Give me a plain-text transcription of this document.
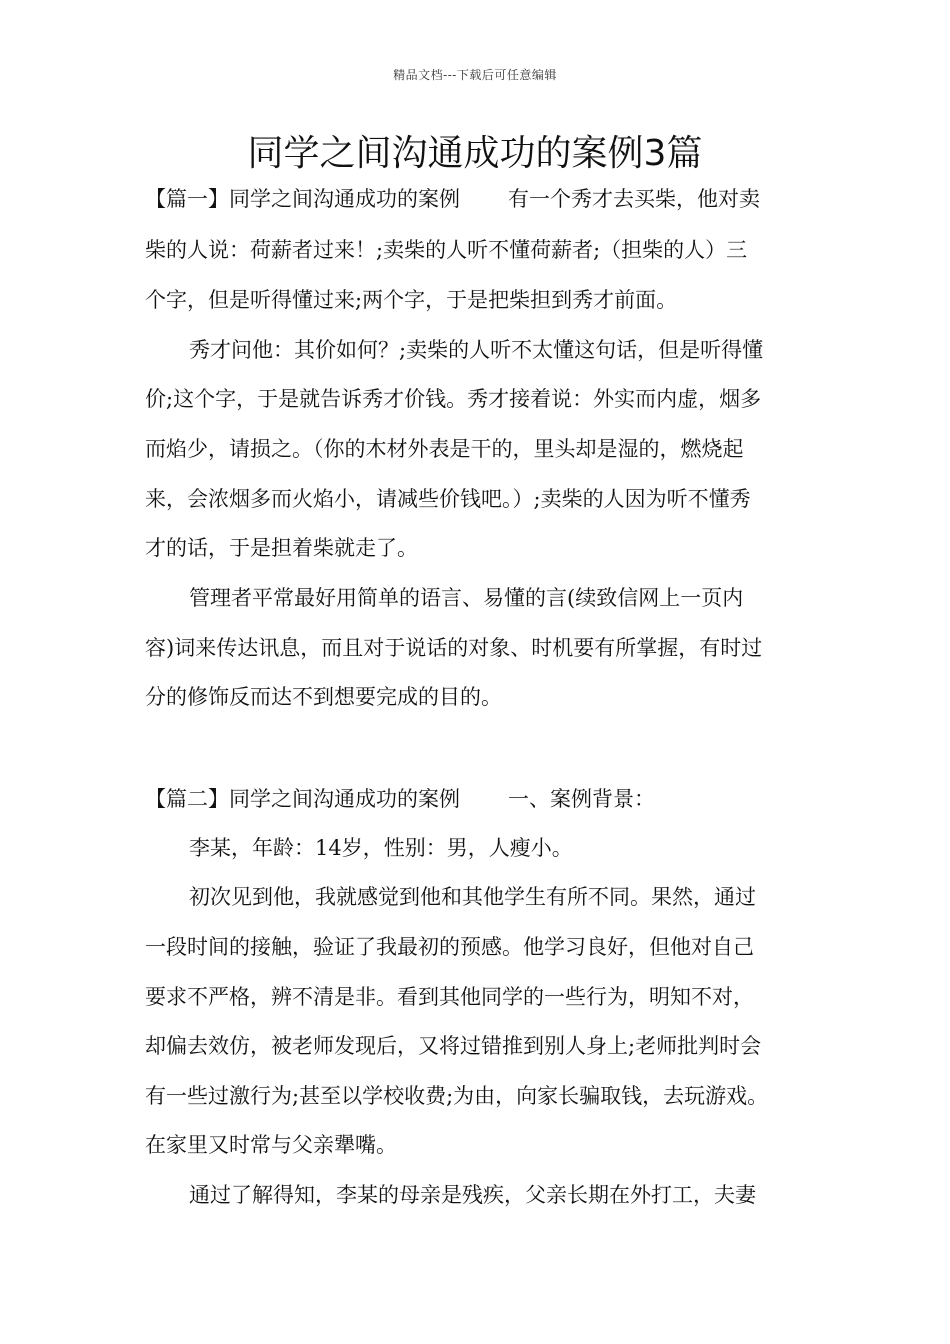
精品文档---下载后可任意编辑
同学之间沟通成功的案例3篇
【篇一】同学之间沟通成功的案例 有一个秀才去买柴，他对卖
柴的人说：荷薪者过来！;卖柴的人听不懂荷薪者;（担柴的人）三
个字，但是听得懂过来;两个字，于是把柴担到秀才前面。
秀才问他：其价如何？;卖柴的人听不太懂这句话，但是听得懂
价;这个字，于是就告诉秀才价钱。秀才接着说：外实而内虚，烟多
而焰少，请损之。（你的木材外表是干的，里头却是湿的，燃烧起
来，会浓烟多而火焰小，请减些价钱吧。）;卖柴的人因为听不懂秀
才的话，于是担着柴就走了。
管理者平常最好用简单的语言、易懂的言(续致信网上一页内
容)词来传达讯息，而且对于说话的对象、时机要有所掌握，有时过
分的修饰反而达不到想要完成的目的。
【篇二】同学之间沟通成功的案例 一、案例背景：
李某，年龄：14岁，性别：男，人瘦小。
初次见到他，我就感觉到他和其他学生有所不同。果然，通过
一段时间的接触，验证了我最初的预感。他学习良好，但他对自己
要求不严格，辨不清是非。看到其他同学的一些行为，明知不对，
却偏去效仿，被老师发现后，又将过错推到别人身上;老师批判时会
有一些过激行为;甚至以学校收费;为由，向家长骗取钱，去玩游戏。
在家里又时常与父亲犟嘴。
通过了解得知，李某的母亲是残疾，父亲长期在外打工，夫妻
